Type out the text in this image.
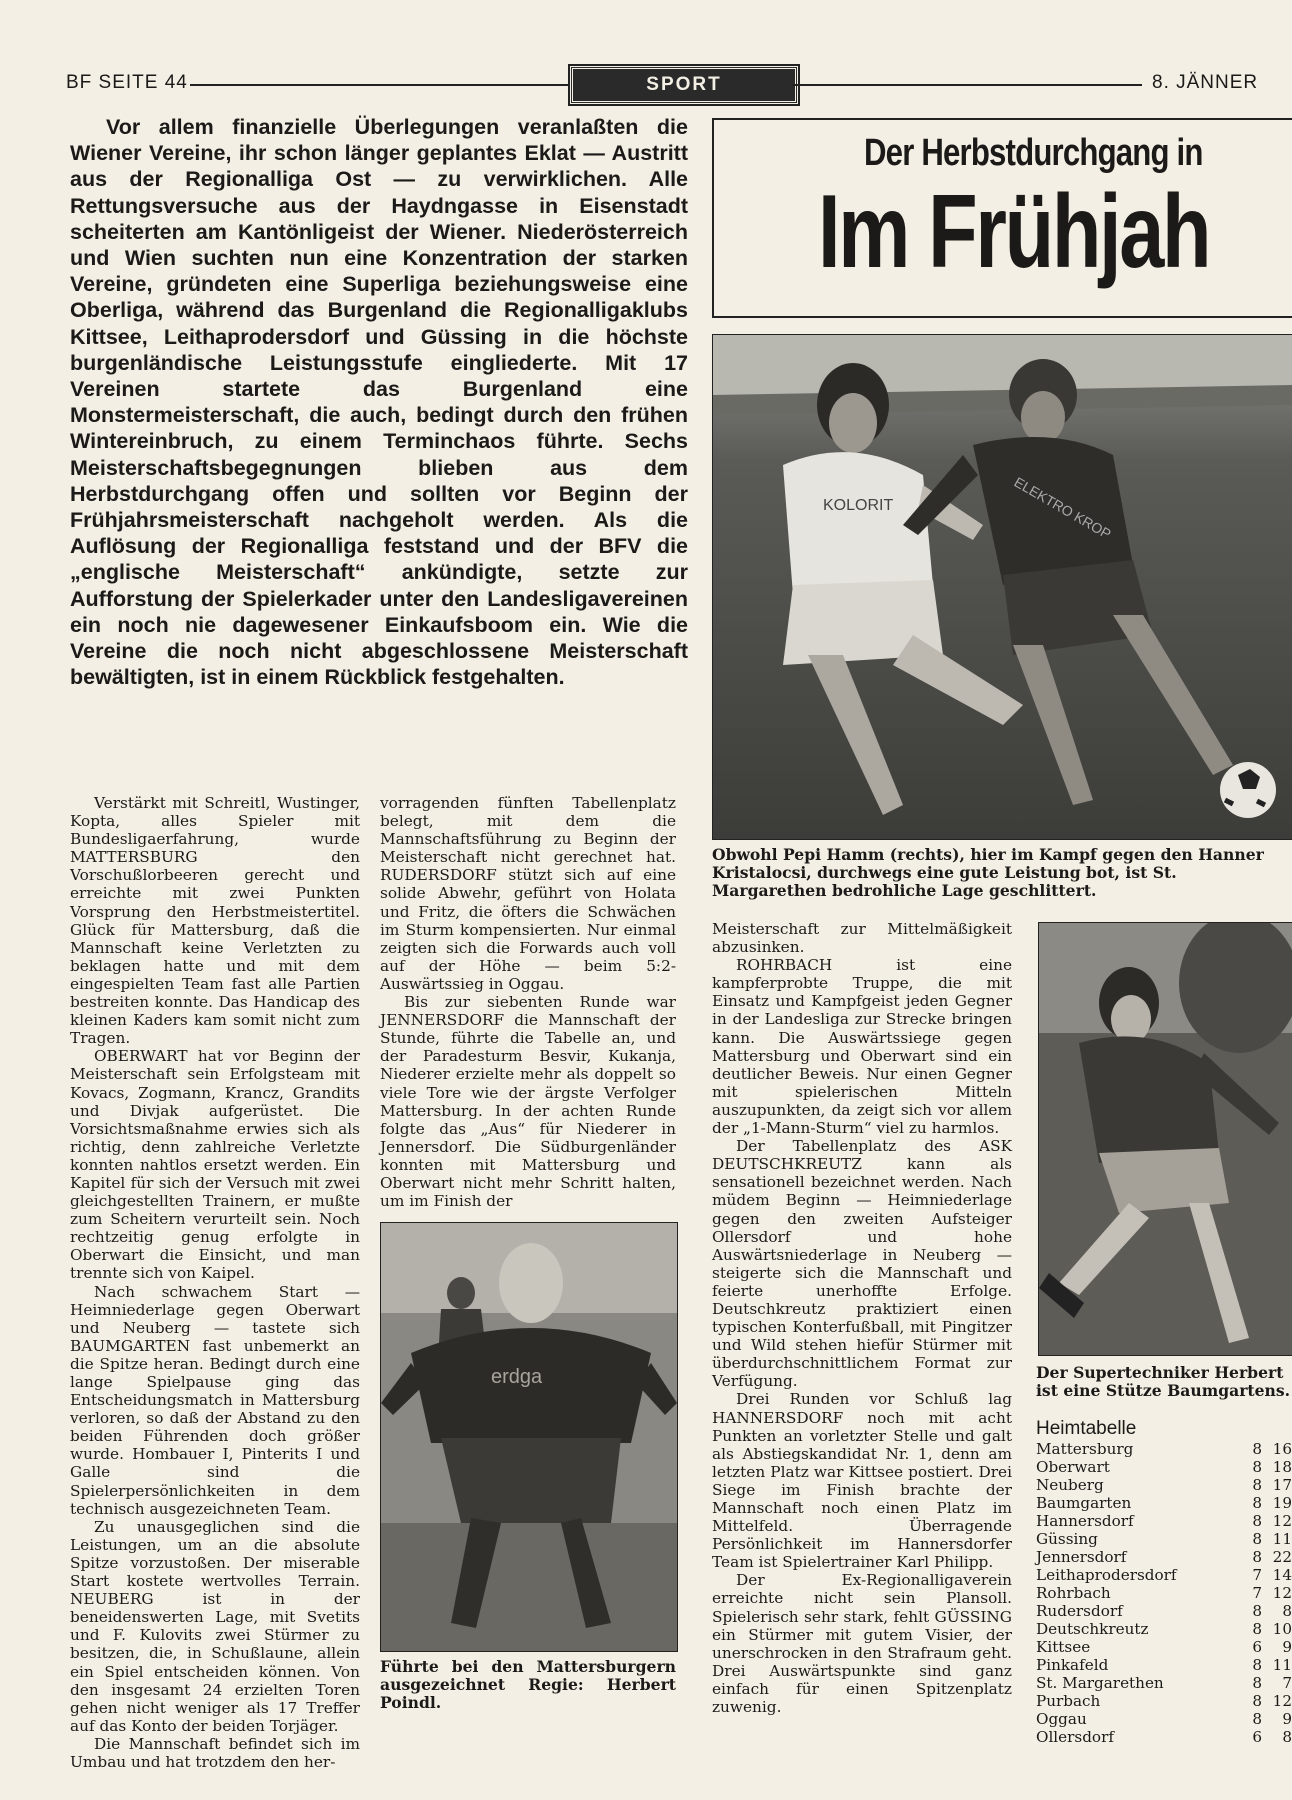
BF SEITE 44	SPORT	8. JÄNNER

Vor allem finanzielle Überlegungen veranlaßten die Wiener Vereine, ihr schon länger geplantes Eklat — Austritt aus der Regionalliga Ost — zu verwirklichen. Alle Rettungsversuche aus der Haydngasse in Eisenstadt scheiterten am Kantönligeist der Wiener. Niederösterreich und Wien suchten nun eine Konzentration der starken Vereine, gründeten eine Superliga beziehungsweise eine Oberliga, während das Burgenland die Regionalligaklubs Kittsee, Leithaprodersdorf und Güssing in die höchste burgenländische Leistungsstufe eingliederte. Mit 17 Vereinen startete das Burgenland eine Monstermeisterschaft, die auch, bedingt durch den frühen Wintereinbruch, zu einem Terminchaos führte. Sechs Meisterschaftsbegegnungen blieben aus dem Herbstdurchgang offen und sollten vor Beginn der Frühjahrsmeisterschaft nachgeholt werden. Als die Auflösung der Regionalliga feststand und der BFV die „englische Meisterschaft“ ankündigte, setzte zur Aufforstung der Spielerkader unter den Landesligavereinen ein noch nie dagewesener Einkaufsboom ein. Wie die Vereine die noch nicht abgeschlossene Meisterschaft bewältigten, ist in einem Rückblick festgehalten.

Der Herbstdurchgang in
Im Frühjah
KOLORIT	ELEKTRO KROP

Obwohl Pepi Hamm (rechts), hier im Kampf gegen den Hanner Kristalocsi, durchwegs eine gute Leistung bot, ist St. Margarethen bedrohliche Lage geschlittert.

erdga

Führte bei den Mattersburgern ausgezeichnet Regie: Herbert Poindl.

Der Supertechniker Herbert ist eine Stütze Baumgartens.

Verstärkt mit Schreitl, Wustinger, Kopta, alles Spieler mit Bundesligaerfahrung, wurde MATTERSBURG den Vorschußlorbeeren gerecht und erreichte mit zwei Punkten Vorsprung den Herbstmeistertitel. Glück für Mattersburg, daß die Mannschaft keine Verletzten zu beklagen hatte und mit dem eingespielten Team fast alle Partien bestreiten konnte. Das Handicap des kleinen Kaders kam somit nicht zum Tragen.

OBERWART hat vor Beginn der Meisterschaft sein Erfolgsteam mit Kovacs, Zogmann, Krancz, Grandits und Divjak aufgerüstet. Die Vorsichtsmaßnahme erwies sich als richtig, denn zahlreiche Verletzte konnten nahtlos ersetzt werden. Ein Kapitel für sich der Versuch mit zwei gleichgestellten Trainern, er mußte zum Scheitern verurteilt sein. Noch rechtzeitig genug erfolgte in Oberwart die Einsicht, und man trennte sich von Kaipel.

Nach schwachem Start — Heimniederlage gegen Oberwart und Neuberg — tastete sich BAUMGARTEN fast unbemerkt an die Spitze heran. Bedingt durch eine lange Spielpause ging das Entscheidungsmatch in Mattersburg verloren, so daß der Abstand zu den beiden Führenden doch größer wurde. Hombauer I, Pinterits I und Galle sind die Spielerpersönlichkeiten in dem technisch ausgezeichneten Team.

Zu unausgeglichen sind die Leistungen, um an die absolute Spitze vorzustoßen. Der miserable Start kostete wertvolles Terrain. NEUBERG ist in der beneidenswerten Lage, mit Svetits und F. Kulovits zwei Stürmer zu besitzen, die, in Schußlaune, allein ein Spiel entscheiden können. Von den insgesamt 24 erzielten Toren gehen nicht weniger als 17 Treffer auf das Konto der beiden Torjäger.

Die Mannschaft befindet sich im Umbau und hat trotzdem den her-

vorragenden fünften Tabellenplatz belegt, mit dem die Mannschaftsführung zu Beginn der Meisterschaft nicht gerechnet hat. RUDERSDORF stützt sich auf eine solide Abwehr, geführt von Holata und Fritz, die öfters die Schwächen im Sturm kompensierten. Nur einmal zeigten sich die Forwards auch voll auf der Höhe — beim 5:2-Auswärtssieg in Oggau.

Bis zur siebenten Runde war JENNERSDORF die Mannschaft der Stunde, führte die Tabelle an, und der Paradesturm Besvir, Kukanja, Niederer erzielte mehr als doppelt so viele Tore wie der ärgste Verfolger Mattersburg. In der achten Runde folgte das „Aus“ für Niederer in Jennersdorf. Die Südburgenländer konnten mit Mattersburg und Oberwart nicht mehr Schritt halten, um im Finish der

Meisterschaft zur Mittelmäßigkeit abzusinken.

ROHRBACH ist eine kampferprobte Truppe, die mit Einsatz und Kampfgeist jeden Gegner in der Landesliga zur Strecke bringen kann. Die Auswärtssiege gegen Mattersburg und Oberwart sind ein deutlicher Beweis. Nur einen Gegner mit spielerischen Mitteln auszupunkten, da zeigt sich vor allem der „1-Mann-Sturm“ viel zu harmlos.

Der Tabellenplatz des ASK DEUTSCHKREUTZ kann als sensationell bezeichnet werden. Nach müdem Beginn — Heimniederlage gegen den zweiten Aufsteiger Ollersdorf und hohe Auswärtsniederlage in Neuberg — steigerte sich die Mannschaft und feierte unerhoffte Erfolge. Deutschkreutz praktiziert einen typischen Konterfußball, mit Pingitzer und Wild stehen hiefür Stürmer mit überdurchschnittlichem Format zur Verfügung.

Drei Runden vor Schluß lag HANNERSDORF noch mit acht Punkten an vorletzter Stelle und galt als Abstiegskandidat Nr. 1, denn am letzten Platz war Kittsee postiert. Drei Siege im Finish brachte der Mannschaft noch einen Platz im Mittelfeld. Überragende Persönlichkeit im Hannersdorfer Team ist Spielertrainer Karl Philipp.

Der Ex-Regionalligaverein erreichte nicht sein Plansoll. Spielerisch sehr stark, fehlt GÜSSING ein Stürmer mit gutem Visier, der unerschrocken in den Strafraum geht. Drei Auswärtspunkte sind ganz einfach für einen Spitzenplatz zuwenig.

Heimtabelle
Mattersburg	8 16
Oberwart	8 18
Neuberg	8 17
Baumgarten	8 19
Hannersdorf	8 12
Güssing	8 11
Jennersdorf	8 22
Leithaprodersdorf	7 14
Rohrbach	7 12
Rudersdorf	8	8
Deutschkreutz	8 10
Kittsee	6	9
Pinkafeld	8 11
St. Margarethen	8	7
Purbach	8 12
Oggau	8	9
Ollersdorf	6	8
